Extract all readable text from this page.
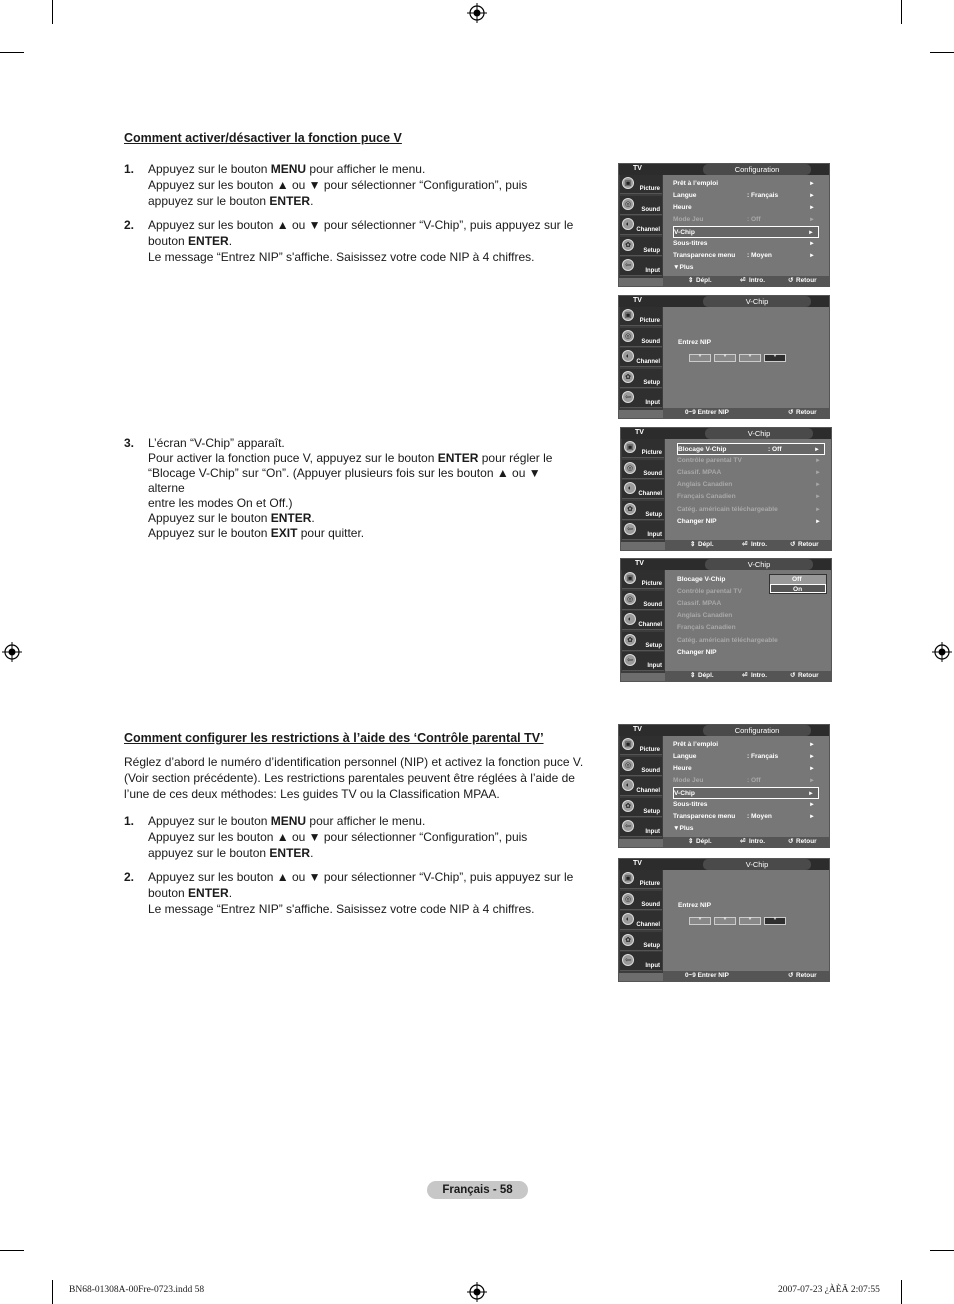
Comment activer/désactiver la fonction puce V
1. Appuyez sur le bouton MENU pour afficher le menu.
Appuyez sur les bouton ▲ ou ▼ pour sélectionner “Configuration”, puis
appuyez sur le bouton ENTER.
2. Appuyez sur les bouton ▲ ou ▼ pour sélectionner “V-Chip”, puis appuyez sur le
bouton ENTER.
Le message “Entrez NIP” s'affiche. Saisissez votre code NIP à 4 chiffres.
3. L’écran “V-Chip” apparaît.
Pour activer la fonction puce V, appuyez sur le bouton ENTER pour régler le
“Blocage V-Chip” sur “On”. (Appuyer plusieurs fois sur les bouton ▲ ou ▼ alterne
entre les modes On et Off.)
Appuyez sur le bouton ENTER.
Appuyez sur le bouton EXIT pour quitter.
Comment configurer les restrictions à l’aide des ‘Contrôle parental TV’
Réglez d’abord le numéro d’identification personnel (NIP) et activez la fonction puce V.
(Voir section précédente). Les restrictions parentales peuvent être réglées à l’aide de
l’une de ces deux méthodes: Les guides TV ou la Classification MPAA.
1. Appuyez sur le bouton MENU pour afficher le menu.
Appuyez sur les bouton ▲ ou ▼ pour sélectionner “Configuration”, puis
appuyez sur le bouton ENTER.
2. Appuyez sur les bouton ▲ ou ▼ pour sélectionner “V-Chip”, puis appuyez sur le
bouton ENTER.
Le message “Entrez NIP” s'affiche. Saisissez votre code NIP à 4 chiffres.
TV	Configuration
▣
Picture
◎
Sound
◐
Channel
✿
Setup
⇦
Input
Prêt à l’emploi	►
Langue	: Français	►
Heure	►
Mode Jeu	: Off	►
V-Chip	►
Sous-titres	►
Transparence menu : Moyen	►
▼Plus
⇕ Dépl.	⏎ Intro.	↺ Retour
TV	V-Chip
▣
Picture
◎
Sound
◐
Channel
✿
Setup
⇦
Input
Entrez NIP
*	*	*	*
0~9 Entrer NIP	↺ Retour
TV	V-Chip
▣
Picture
◎
Sound
◐
Channel
✿
Setup
⇦
Input
Blocage V-Chip	: Off	►
Contrôle parental TV	►
Classif. MPAA	►
Anglais Canadien	►
Français Canadien	►
Catég. américain téléchargeable	►
Changer NIP	►
⇕ Dépl.	⏎ Intro.	↺ Retour
TV	V-Chip
▣
Picture
◎
Sound
◐
Channel
✿
Setup
⇦
Input
Blocage V-Chip
Contrôle parental TV
Classif. MPAA
Anglais Canadien
Français Canadien
Catég. américain téléchargeable
Changer NIP
Off
On
⇕ Dépl.	⏎ Intro.	↺ Retour
TV	Configuration
▣
Picture
◎
Sound
◐
Channel
✿
Setup
⇦
Input
Prêt à l’emploi	►
Langue	: Français	►
Heure	►
Mode Jeu	: Off	►
V-Chip	►
Sous-titres	►
Transparence menu : Moyen	►
▼Plus
⇕ Dépl.	⏎ Intro.	↺ Retour
TV	V-Chip
▣
Picture
◎
Sound
◐
Channel
✿
Setup
⇦
Input
Entrez NIP
*	*	*	*
0~9 Entrer NIP	↺ Retour
Français - 58
BN68-01308A-00Fre-0723.indd 58	2007-07-23 ¿ÀÈÄ 2:07:55
